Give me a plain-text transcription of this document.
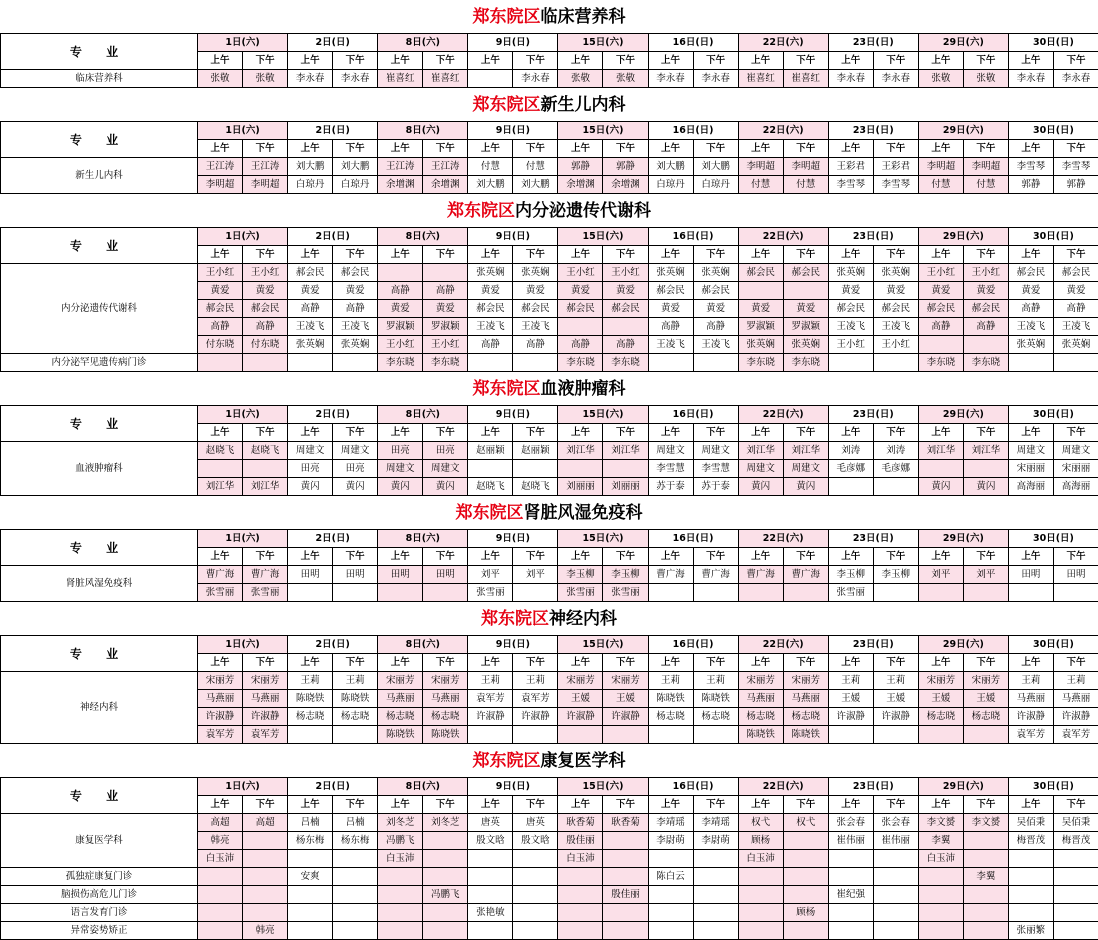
郑东院区临床营养科
专 业	1日(六)		2日(日)		8日(六)		9日(日)		15日(六)		16日(日)		22日(六)		23日(日)		29日(六)		30日(日)	
	上午	下午	上午	下午	上午	下午	上午	下午	上午	下午	上午	下午	上午	下午	上午	下午	上午	下午	上午	下午
临床营养科	张敬	张敬	李永春	李永春	崔喜红	崔喜红		李永春	张敬	张敬	李永春	李永春	崔喜红	崔喜红	李永春	李永春	张敬	张敬	李永春	李永春
郑东院区新生儿内科
专 业	1日(六)		2日(日)		8日(六)		9日(日)		15日(六)		16日(日)		22日(六)		23日(日)		29日(六)		30日(日)	
	上午	下午	上午	下午	上午	下午	上午	下午	上午	下午	上午	下午	上午	下午	上午	下午	上午	下午	上午	下午
新生儿内科	王江涛	王江涛	刘大鹏	刘大鹏	王江涛	王江涛	付慧	付慧	郭静	郭静	刘大鹏	刘大鹏	李明超	李明超	王彩君	王彩君	李明超	李明超	李雪琴	李雪琴
	李明超	李明超	白琼丹	白琼丹	余增渊	余增渊	刘大鹏	刘大鹏	余增渊	余增渊	白琼丹	白琼丹	付慧	付慧	李雪琴	李雪琴	付慧	付慧	郭静	郭静
郑东院区内分泌遗传代谢科
专 业	1日(六)		2日(日)		8日(六)		9日(日)		15日(六)		16日(日)		22日(六)		23日(日)		29日(六)		30日(日)	
	上午	下午	上午	下午	上午	下午	上午	下午	上午	下午	上午	下午	上午	下午	上午	下午	上午	下午	上午	下午
内分泌遗传代谢科	王小红	王小红	郝会民	郝会民			张英娴	张英娴	王小红	王小红	张英娴	张英娴	郝会民	郝会民	张英娴	张英娴	王小红	王小红	郝会民	郝会民
	黄爱	黄爱	黄爱	黄爱	高静	高静	黄爱	黄爱	黄爱	黄爱	郝会民	郝会民			黄爱	黄爱	黄爱	黄爱	黄爱	黄爱
	郝会民	郝会民	高静	高静	黄爱	黄爱	郝会民	郝会民	郝会民	郝会民	黄爱	黄爱	黄爱	黄爱	郝会民	郝会民	郝会民	郝会民	高静	高静
	高静	高静	王凌飞	王凌飞	罗淑颖	罗淑颖	王凌飞	王凌飞			高静	高静	罗淑颖	罗淑颖	王凌飞	王凌飞	高静	高静	王凌飞	王凌飞
	付东晓	付东晓	张英娴	张英娴	王小红	王小红	高静	高静	高静	高静	王凌飞	王凌飞	张英娴	张英娴	王小红	王小红			张英娴	张英娴
内分泌罕见遗传病门诊					李东晓	李东晓			李东晓	李东晓			李东晓	李东晓			李东晓	李东晓		
郑东院区血液肿瘤科
专 业	1日(六)		2日(日)		8日(六)		9日(日)		15日(六)		16日(日)		22日(六)		23日(日)		29日(六)		30日(日)	
	上午	下午	上午	下午	上午	下午	上午	下午	上午	下午	上午	下午	上午	下午	上午	下午	上午	下午	上午	下午
血液肿瘤科	赵晓飞	赵晓飞	周建文	周建文	田亮	田亮	赵丽颖	赵丽颖	刘江华	刘江华	周建文	周建文	刘江华	刘江华	刘涛	刘涛	刘江华	刘江华	周建文	周建文
			田亮	田亮	周建文	周建文					李雪慧	李雪慧	周建文	周建文	毛彦娜	毛彦娜			宋丽丽	宋丽丽
	刘江华	刘江华	黄闪	黄闪	黄闪	黄闪	赵晓飞	赵晓飞	刘丽丽	刘丽丽	苏于泰	苏于泰	黄闪	黄闪			黄闪	黄闪	高海丽	高海丽
郑东院区肾脏风湿免疫科
专 业	1日(六)		2日(日)		8日(六)		9日(日)		15日(六)		16日(日)		22日(六)		23日(日)		29日(六)		30日(日)	
	上午	下午	上午	下午	上午	下午	上午	下午	上午	下午	上午	下午	上午	下午	上午	下午	上午	下午	上午	下午
肾脏风湿免疫科	曹广海	曹广海	田明	田明	田明	田明	刘平	刘平	李玉柳	李玉柳	曹广海	曹广海	曹广海	曹广海	李玉柳	李玉柳	刘平	刘平	田明	田明
	张雪丽	张雪丽					张雪丽		张雪丽	张雪丽					张雪丽					
郑东院区神经内科
专 业	1日(六)		2日(日)		8日(六)		9日(日)		15日(六)		16日(日)		22日(六)		23日(日)		29日(六)		30日(日)	
	上午	下午	上午	下午	上午	下午	上午	下午	上午	下午	上午	下午	上午	下午	上午	下午	上午	下午	上午	下午
神经内科	宋丽芳	宋丽芳	王莉	王莉	宋丽芳	宋丽芳	王莉	王莉	宋丽芳	宋丽芳	王莉	王莉	宋丽芳	宋丽芳	王莉	王莉	宋丽芳	宋丽芳	王莉	王莉
	马燕丽	马燕丽	陈晓铁	陈晓铁	马燕丽	马燕丽	袁军芳	袁军芳	王媛	王媛	陈晓铁	陈晓铁	马燕丽	马燕丽	王媛	王媛	王媛	王媛	马燕丽	马燕丽
	许淑静	许淑静	杨志晓	杨志晓	杨志晓	杨志晓	许淑静	许淑静	许淑静	许淑静	杨志晓	杨志晓	杨志晓	杨志晓	许淑静	许淑静	杨志晓	杨志晓	许淑静	许淑静
	袁军芳	袁军芳			陈晓铁	陈晓铁							陈晓铁	陈晓铁					袁军芳	袁军芳
郑东院区康复医学科
专 业	1日(六)		2日(日)		8日(六)		9日(日)		15日(六)		16日(日)		22日(六)		23日(日)		29日(六)		30日(日)	
	上午	下午	上午	下午	上午	下午	上午	下午	上午	下午	上午	下午	上午	下午	上午	下午	上午	下午	上午	下午
康复医学科	高超	高超	吕楠	吕楠	刘冬芝	刘冬芝	唐英	唐英	耿香菊	耿香菊	李靖瑶	李靖瑶	权弋	权弋	张会春	张会春	李文赟	李文赟	吴佰秉	吴佰秉
	韩亮		杨东梅	杨东梅	冯鹏飞		殷文晗	殷文晗	殷佳丽		李尉萌	李尉萌	顾杨		崔伟丽	崔伟丽	李翼		梅晋茂	梅晋茂
	白玉沛				白玉沛				白玉沛				白玉沛				白玉沛			
孤独症康复门诊			安爽								陈白云							李翼		
脑损伤高危儿门诊						冯鹏飞				殷佳丽					崔纪强					
语言发育门诊							张艳敏							顾杨						
异常姿势矫正		韩亮																	张丽繁	
